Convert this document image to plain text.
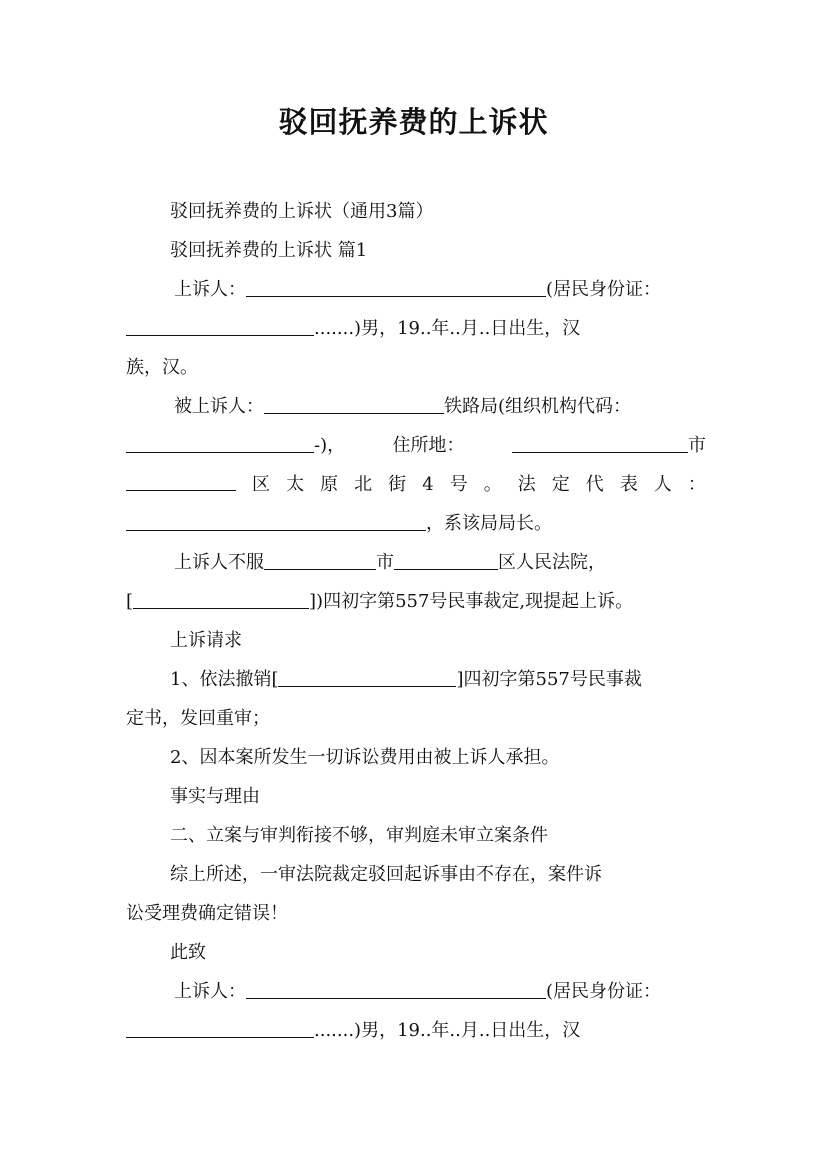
驳回抚养费的上诉状
驳回抚养费的上诉状（通用3篇）
驳回抚养费的上诉状 篇1
上诉人：	(居民身份证：
.......)男，19..年..月..日出生，汉
族，汉。
被上诉人：	铁路局(组织机构代码：
-)，	住所地：	市
区 太 原 北 街 4 号 。 法 定 代 表 人 ：
，系该局局长。
上诉人不服	市	区人民法院，
[	])四初字第557号民事裁定,现提起上诉。
上诉请求
1、依法撤销[	]四初字第557号民事裁
定书，发回重审；
2、因本案所发生一切诉讼费用由被上诉人承担。
事实与理由
二、立案与审判衔接不够，审判庭未审立案条件
综上所述，一审法院裁定驳回起诉事由不存在，案件诉
讼受理费确定错误！
此致
上诉人：	(居民身份证：
.......)男，19..年..月..日出生，汉
